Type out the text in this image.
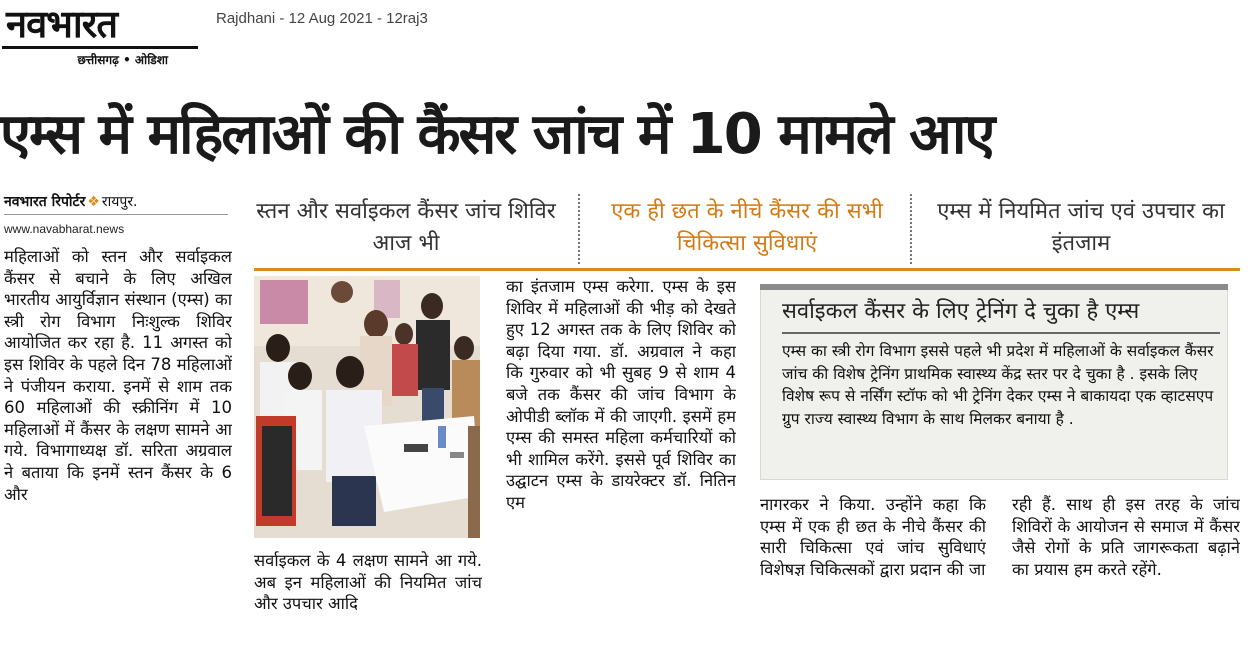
नवभारत
छत्तीसगढ़ • ओडिशा
Rajdhani - 12 Aug 2021 - 12raj3
एम्स में महिलाओं की कैंसर जांच में 10 मामले आए
नवभारत रिपोर्टर ❖ रायपुर.
www.navabharat.news
स्तन और सर्वाइकल कैंसर जांच शिविर आज भी
एक ही छत के नीचे कैंसर की सभी चिकित्सा सुविधाएं
एम्स में नियमित जांच एवं उपचार का इंतजाम

महिलाओं को स्तन और सर्वाइकल कैंसर से बचाने के लिए अखिल भारतीय आयुर्विज्ञान संस्थान (एम्स) का स्त्री रोग विभाग निःशुल्क शिविर आयोजित कर रहा है. 11 अगस्त को इस शिविर के पहले दिन 78 महिलाओं ने पंजीयन कराया. इनमें से शाम तक 60 महिलाओं की स्क्रीनिंग में 10 महिलाओं में कैंसर के लक्षण सामने आ गये. विभागाध्यक्ष डॉ. सरिता अग्रवाल ने बताया कि इनमें स्तन कैंसर के 6 और

सर्वाइकल के 4 लक्षण सामने आ गये. अब इन महिलाओं की नियमित जांच और उपचार आदि

का इंतजाम एम्स करेगा. एम्स के इस शिविर में महिलाओं की भीड़ को देखते हुए 12 अगस्त तक के लिए शिविर को बढ़ा दिया गया. डॉ. अग्रवाल ने कहा कि गुरुवार को भी सुबह 9 से शाम 4 बजे तक कैंसर की जांच विभाग के ओपीडी ब्लॉक में की जाएगी. इसमें हम एम्स की समस्त महिला कर्मचारियों को भी शामिल करेंगे. इससे पूर्व शिविर का उद्घाटन एम्स के डायरेक्टर डॉ. नितिन एम

सर्वाइकल कैंसर के लिए ट्रेनिंग दे चुका है एम्स
एम्स का स्त्री रोग विभाग इससे पहले भी प्रदेश में महिलाओं के सर्वाइकल कैंसर जांच की विशेष ट्रेनिंग प्राथमिक स्वास्थ्य केंद्र स्तर पर दे चुका है . इसके लिए विशेष रूप से नर्सिंग स्टॉफ को भी ट्रेनिंग देकर एम्स ने बाकायदा एक व्हाटसएप ग्रुप राज्य स्वास्थ्य विभाग के साथ मिलकर बनाया है .

नागरकर ने किया. उन्होंने कहा कि एम्स में एक ही छत के नीचे कैंसर की सारी चिकित्सा एवं जांच सुविधाएं विशेषज्ञ चिकित्सकों द्वारा प्रदान की जा

रही हैं. साथ ही इस तरह के जांच शिविरों के आयोजन से समाज में कैंसर जैसे रोगों के प्रति जागरूकता बढ़ाने का प्रयास हम करते रहेंगे.
